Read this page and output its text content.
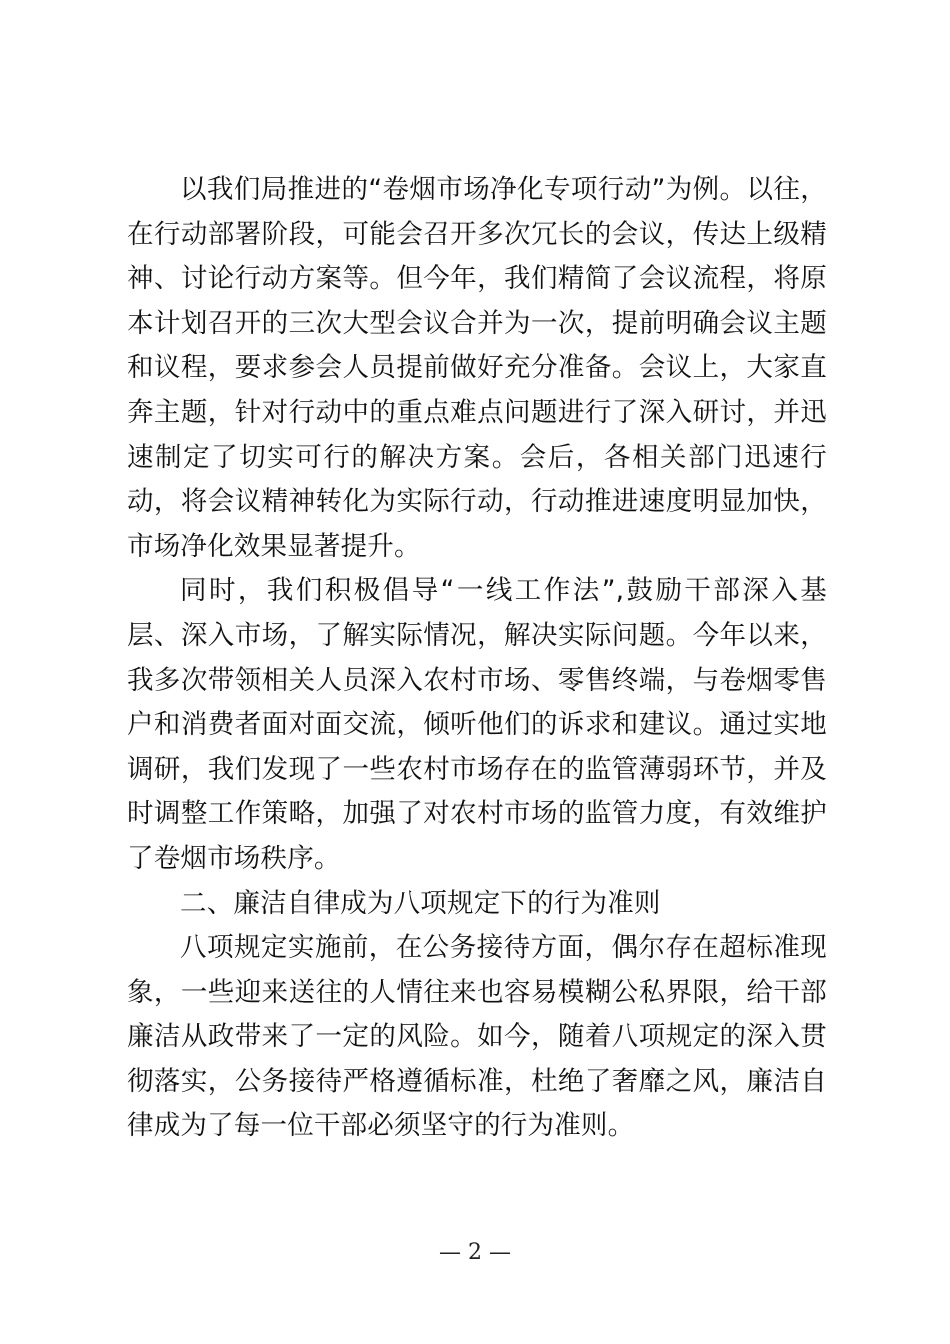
以我们局推进的“卷烟市场净化专项行动”为例。以往，在行动部署阶段，可能会召开多次冗长的会议，传达上级精神、讨论行动方案等。但今年，我们精简了会议流程，将原本计划召开的三次大型会议合并为一次，提前明确会议主题和议程，要求参会人员提前做好充分准备。会议上，大家直奔主题，针对行动中的重点难点问题进行了深入研讨，并迅速制定了切实可行的解决方案。会后，各相关部门迅速行动，将会议精神转化为实际行动，行动推进速度明显加快，市场净化效果显著提升。

同时，我们积极倡导“一线工作法”,鼓励干部深入基层、深入市场，了解实际情况，解决实际问题。今年以来，我多次带领相关人员深入农村市场、零售终端，与卷烟零售户和消费者面对面交流，倾听他们的诉求和建议。通过实地调研，我们发现了一些农村市场存在的监管薄弱环节，并及时调整工作策略，加强了对农村市场的监管力度，有效维护了卷烟市场秩序。

二、廉洁自律成为八项规定下的行为准则

八项规定实施前，在公务接待方面，偶尔存在超标准现象，一些迎来送往的人情往来也容易模糊公私界限，给干部廉洁从政带来了一定的风险。如今，随着八项规定的深入贯彻落实，公务接待严格遵循标准，杜绝了奢靡之风，廉洁自律成为了每一位干部必须坚守的行为准则。

— 2 —
